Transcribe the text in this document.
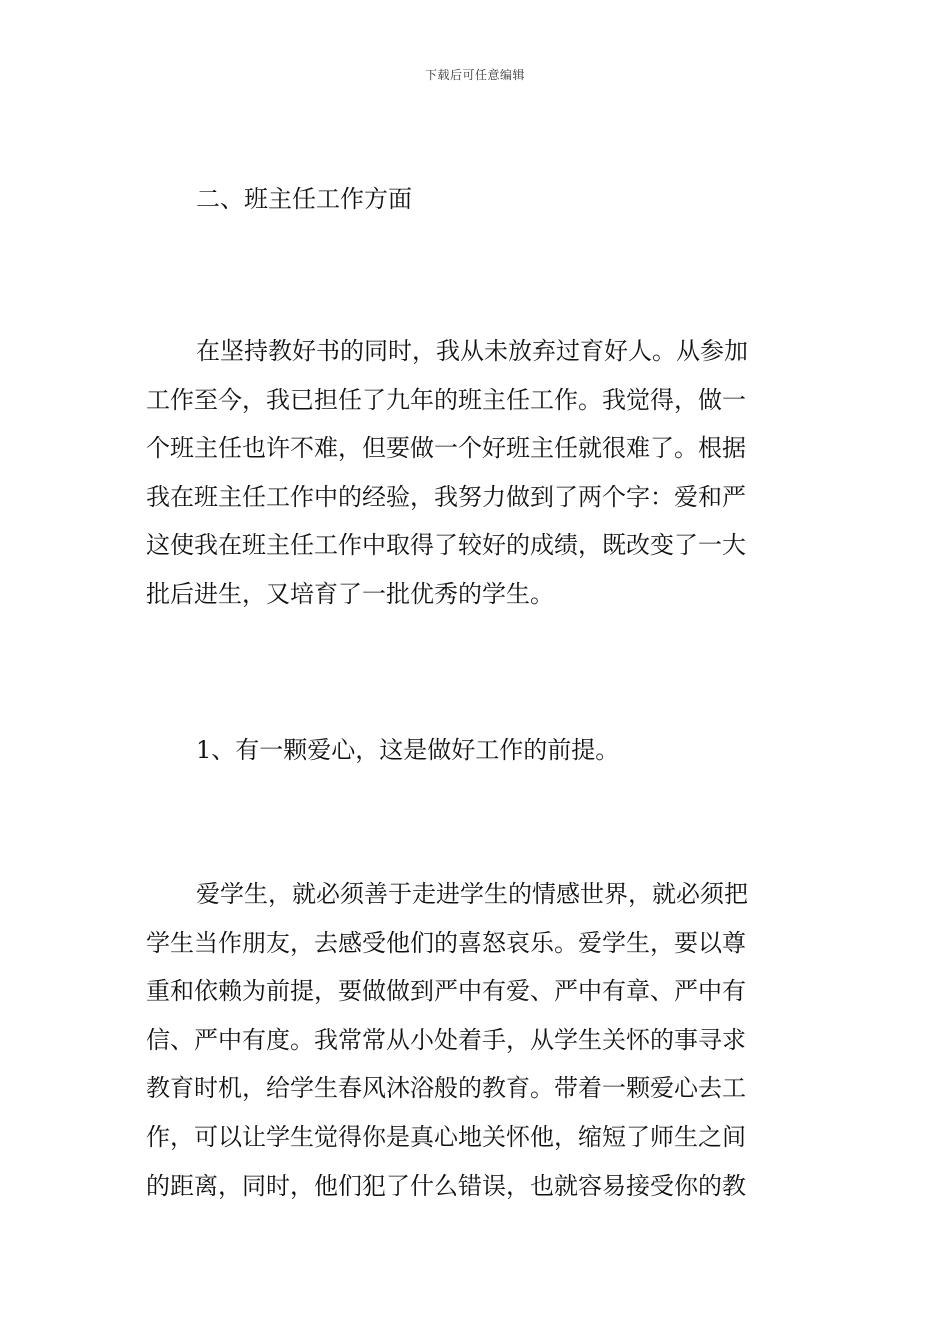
下载后可任意编辑
二、班主任工作方面
在坚持教好书的同时，我从未放弃过育好人。从参加
工作至今，我已担任了九年的班主任工作。我觉得，做一
个班主任也许不难，但要做一个好班主任就很难了。根据
我在班主任工作中的经验，我努力做到了两个字：爱和严
这使我在班主任工作中取得了较好的成绩，既改变了一大
批后进生，又培育了一批优秀的学生。
1、有一颗爱心，这是做好工作的前提。
爱学生，就必须善于走进学生的情感世界，就必须把
学生当作朋友，去感受他们的喜怒哀乐。爱学生，要以尊
重和依赖为前提，要做做到严中有爱、严中有章、严中有
信、严中有度。我常常从小处着手，从学生关怀的事寻求
教育时机，给学生春风沐浴般的教育。带着一颗爱心去工
作，可以让学生觉得你是真心地关怀他，缩短了师生之间
的距离，同时，他们犯了什么错误，也就容易接受你的教
